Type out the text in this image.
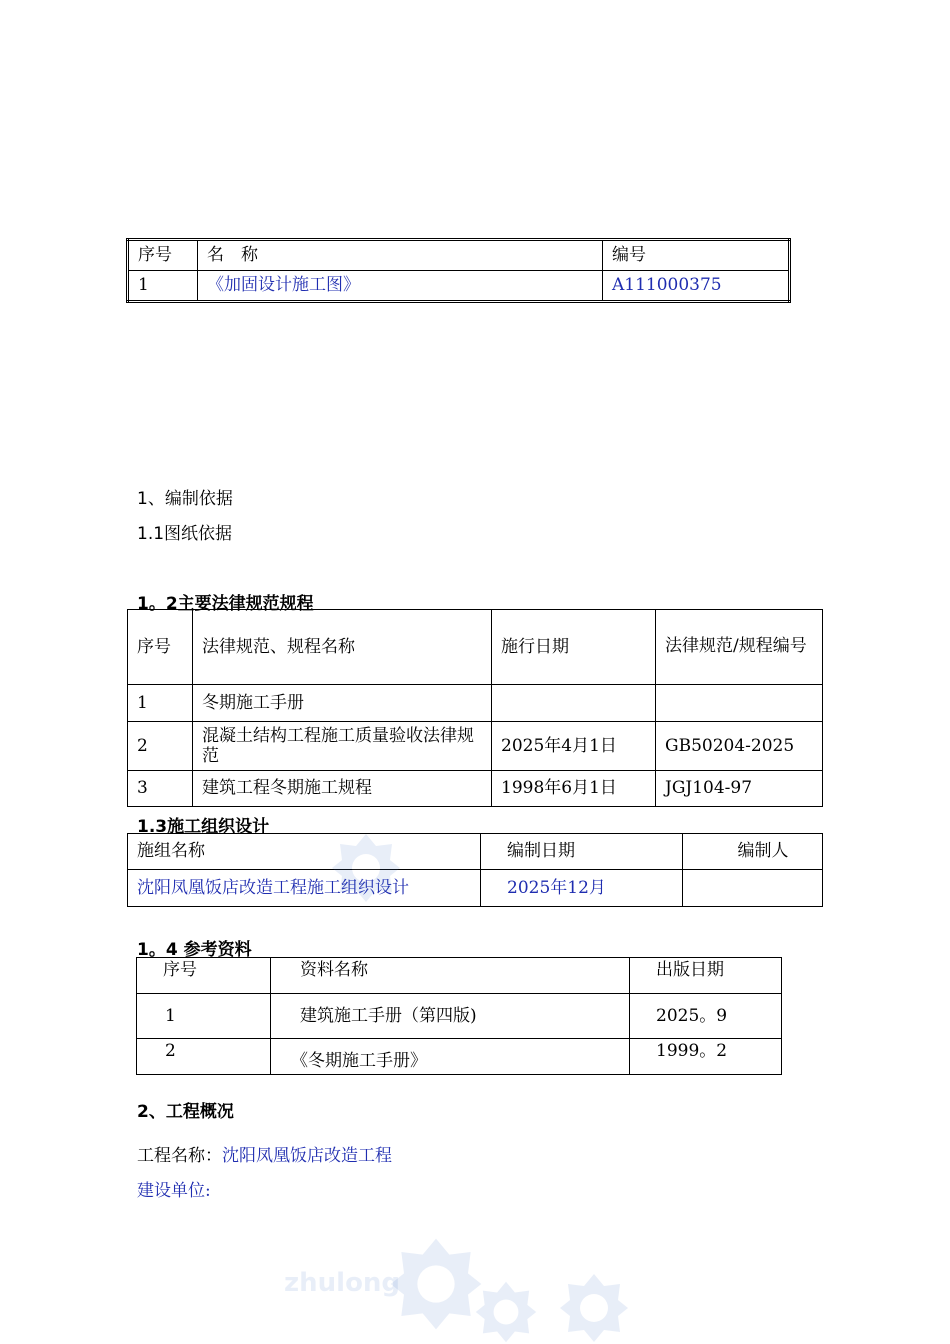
序号	名　称	编号
1	《加固设计施工图》	A111000375
1、编制依据
1.1图纸依据
1。2主要法律规范规程
序号	法律规范、规程名称	施行日期	法律规范/规程编号
1	冬期施工手册		
2	混凝土结构工程施工质量验收法律规范	2025年4月1日	GB50204-2025
3	建筑工程冬期施工规程	1998年6月1日	JGJ104-97
1.3施工组织设计
施组名称	编制日期	编制人
沈阳凤凰饭店改造工程施工组织设计	2025年12月	
1。4 参考资料
序号	资料名称	出版日期
1	建筑施工手册（第四版)	2025。9
2	《冬期施工手册》	1999。2
2、工程概况
工程名称：沈阳凤凰饭店改造工程
建设单位:
zhulong
